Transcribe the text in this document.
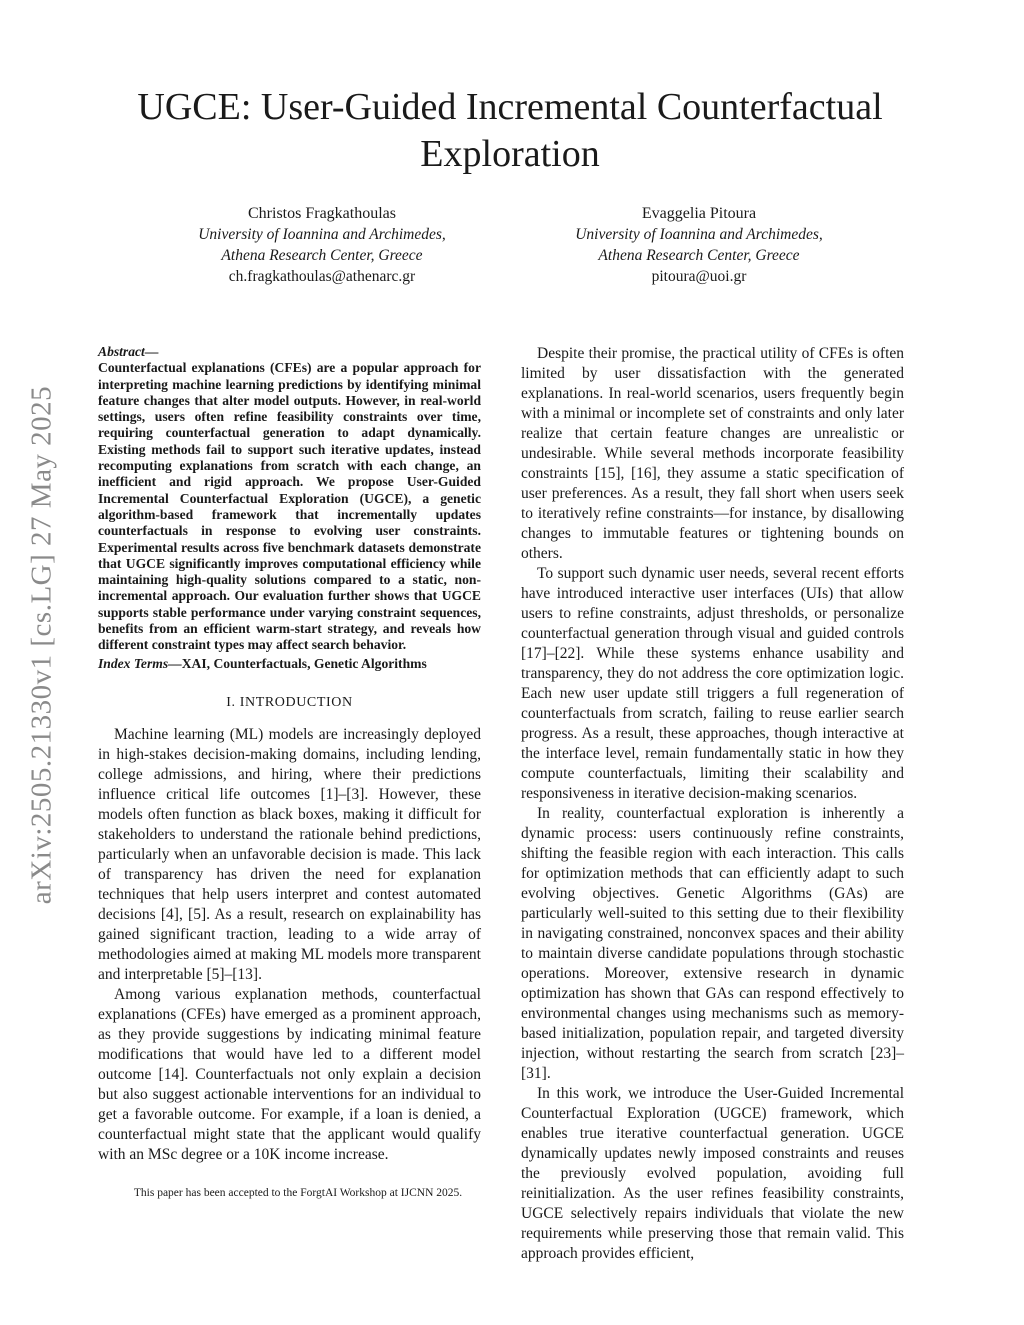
arXiv:2505.21330v1 [cs.LG] 27 May 2025
UGCE: User-Guided Incremental Counterfactual Exploration
Christos Fragkathoulas
University of Ioannina and Archimedes,
Athena Research Center, Greece
ch.fragkathoulas@athenarc.gr
Evaggelia Pitoura
University of Ioannina and Archimedes,
Athena Research Center, Greece
pitoura@uoi.gr
Abstract—
Counterfactual explanations (CFEs) are a popular approach for interpreting machine learning predictions by identifying minimal feature changes that alter model outputs. However, in real-world settings, users often refine feasibility constraints over time, requiring counterfactual generation to adapt dynamically. Existing methods fail to support such iterative updates, instead recomputing explanations from scratch with each change, an inefficient and rigid approach. We propose User-Guided Incremental Counterfactual Exploration (UGCE), a genetic algorithm-based framework that incrementally updates counterfactuals in response to evolving user constraints. Experimental results across five benchmark datasets demonstrate that UGCE significantly improves computational efficiency while maintaining high-quality solutions compared to a static, non-incremental approach. Our evaluation further shows that UGCE supports stable performance under varying constraint sequences, benefits from an efficient warm-start strategy, and reveals how different constraint types may affect search behavior.
Index Terms—XAI, Counterfactuals, Genetic Algorithms
I. INTRODUCTION

Machine learning (ML) models are increasingly deployed in high-stakes decision-making domains, including lending, college admissions, and hiring, where their predictions influence critical life outcomes [1]–[3]. However, these models often function as black boxes, making it difficult for stakeholders to understand the rationale behind predictions, particularly when an unfavorable decision is made. This lack of transparency has driven the need for explanation techniques that help users interpret and contest automated decisions [4], [5]. As a result, research on explainability has gained significant traction, leading to a wide array of methodologies aimed at making ML models more transparent and interpretable [5]–[13].

Among various explanation methods, counterfactual explanations (CFEs) have emerged as a prominent approach, as they provide suggestions by indicating minimal feature modifications that would have led to a different model outcome [14]. Counterfactuals not only explain a decision but also suggest actionable interventions for an individual to get a favorable outcome. For example, if a loan is denied, a counterfactual might state that the applicant would qualify with an MSc degree or a 10K income increase.

This paper has been accepted to the ForgtAI Workshop at IJCNN 2025.

Despite their promise, the practical utility of CFEs is often limited by user dissatisfaction with the generated explanations. In real-world scenarios, users frequently begin with a minimal or incomplete set of constraints and only later realize that certain feature changes are unrealistic or undesirable. While several methods incorporate feasibility constraints [15], [16], they assume a static specification of user preferences. As a result, they fall short when users seek to iteratively refine constraints—for instance, by disallowing changes to immutable features or tightening bounds on others.

To support such dynamic user needs, several recent efforts have introduced interactive user interfaces (UIs) that allow users to refine constraints, adjust thresholds, or personalize counterfactual generation through visual and guided controls [17]–[22]. While these systems enhance usability and transparency, they do not address the core optimization logic. Each new user update still triggers a full regeneration of counterfactuals from scratch, failing to reuse earlier search progress. As a result, these approaches, though interactive at the interface level, remain fundamentally static in how they compute counterfactuals, limiting their scalability and responsiveness in iterative decision-making scenarios.

In reality, counterfactual exploration is inherently a dynamic process: users continuously refine constraints, shifting the feasible region with each interaction. This calls for optimization methods that can efficiently adapt to such evolving objectives. Genetic Algorithms (GAs) are particularly well-suited to this setting due to their flexibility in navigating constrained, nonconvex spaces and their ability to maintain diverse candidate populations through stochastic operations. Moreover, extensive research in dynamic optimization has shown that GAs can respond effectively to environmental changes using mechanisms such as memory-based initialization, population repair, and targeted diversity injection, without restarting the search from scratch [23]–[31].

In this work, we introduce the User-Guided Incremental Counterfactual Exploration (UGCE) framework, which enables true iterative counterfactual generation. UGCE dynamically updates newly imposed constraints and reuses the previously evolved population, avoiding full reinitialization. As the user refines feasibility constraints, UGCE selectively repairs individuals that violate the new requirements while preserving those that remain valid. This approach provides efficient,
